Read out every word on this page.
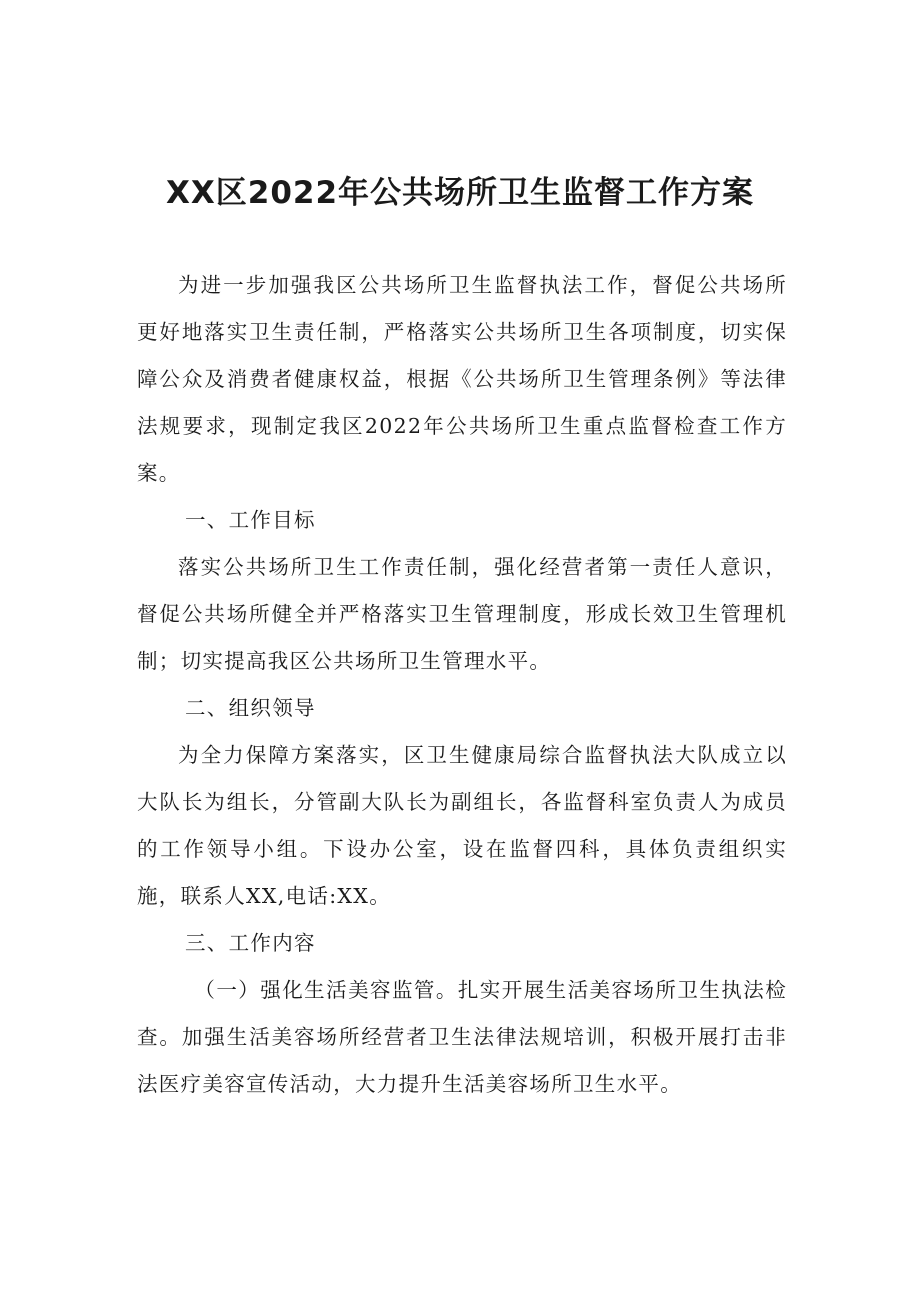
XX区2022年公共场所卫生监督工作方案

为进一步加强我区公共场所卫生监督执法工作，督促公共场所更好地落实卫生责任制，严格落实公共场所卫生各项制度，切实保障公众及消费者健康权益，根据《公共场所卫生管理条例》等法律法规要求，现制定我区2022年公共场所卫生重点监督检查工作方案。

一、工作目标

落实公共场所卫生工作责任制，强化经营者第一责任人意识，督促公共场所健全并严格落实卫生管理制度，形成长效卫生管理机制；切实提高我区公共场所卫生管理水平。

二、组织领导

为全力保障方案落实，区卫生健康局综合监督执法大队成立以大队长为组长，分管副大队长为副组长，各监督科室负责人为成员的工作领导小组。下设办公室，设在监督四科，具体负责组织实施，联系人XX,电话:XX。

三、工作内容

（一）强化生活美容监管。扎实开展生活美容场所卫生执法检查。加强生活美容场所经营者卫生法律法规培训，积极开展打击非法医疗美容宣传活动，大力提升生活美容场所卫生水平。
